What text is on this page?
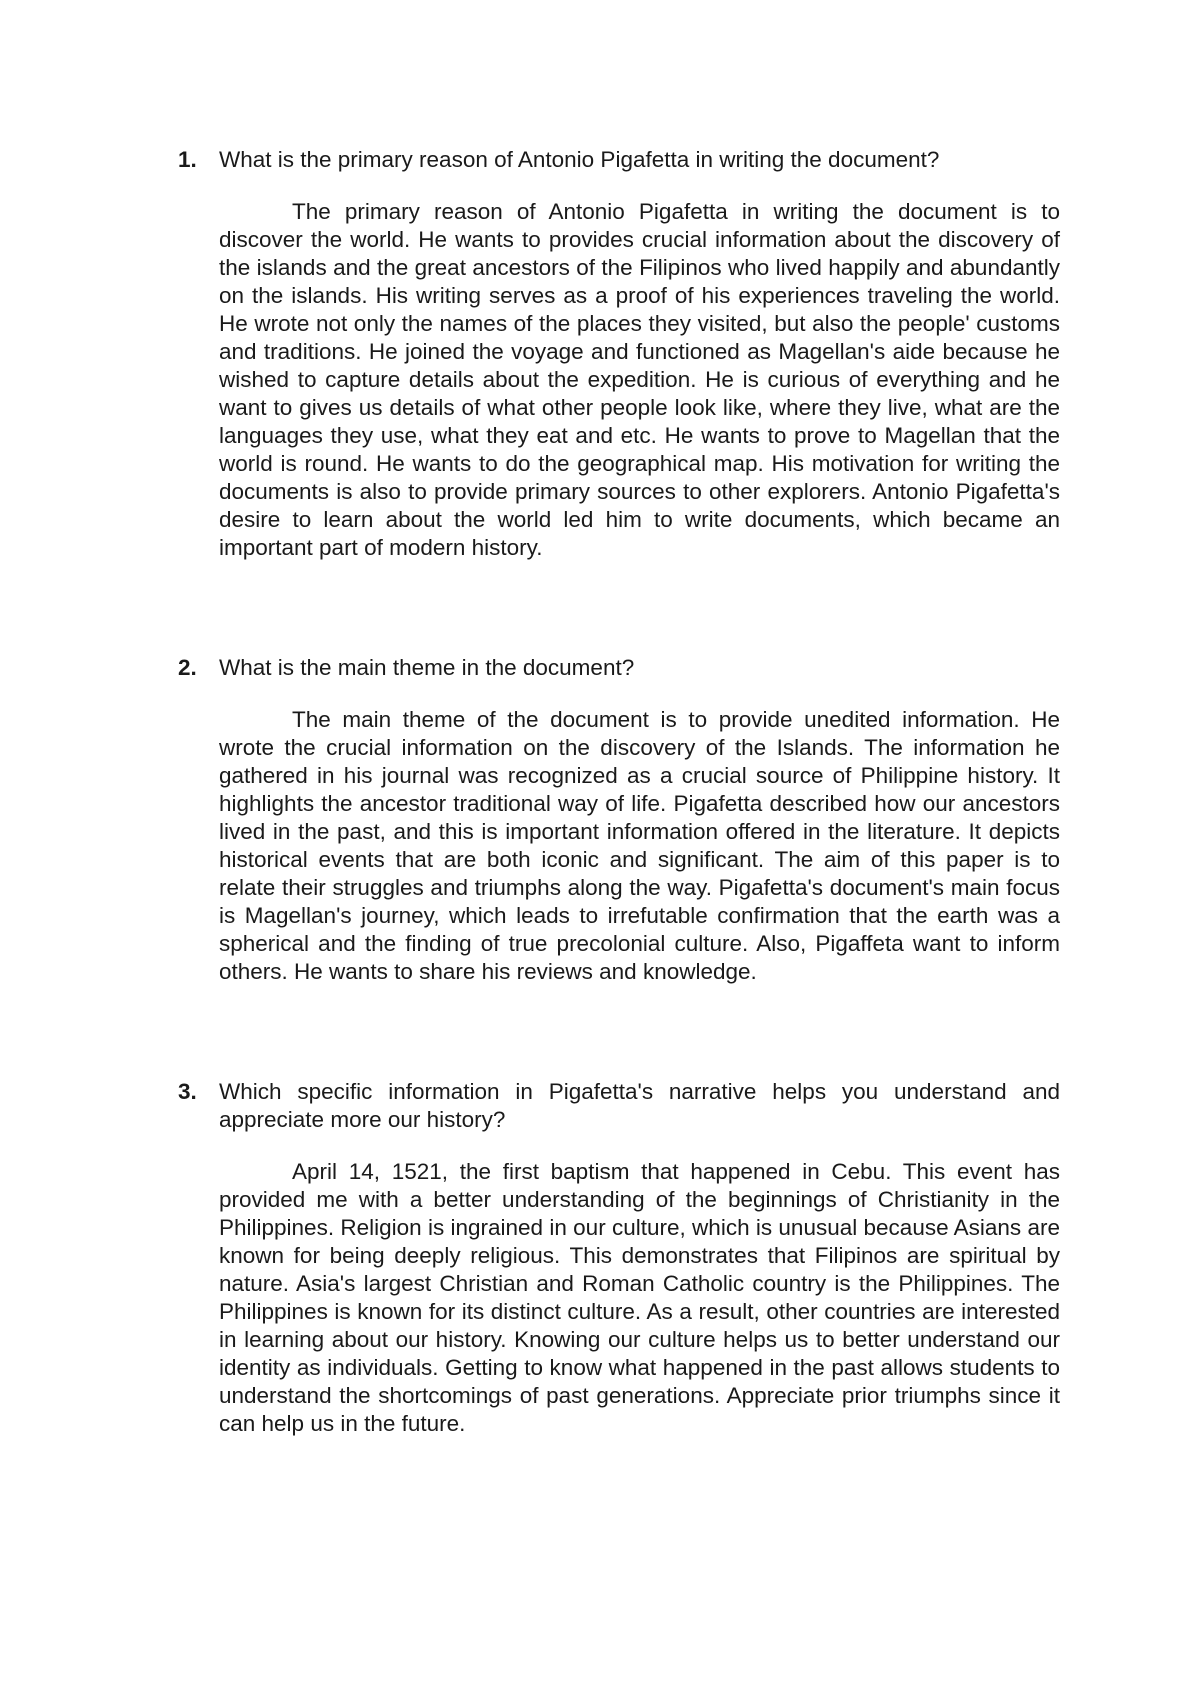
1. What is the primary reason of Antonio Pigafetta in writing the document?

The primary reason of Antonio Pigafetta in writing the document is to discover the world. He wants to provides crucial information about the discovery of the islands and the great ancestors of the Filipinos who lived happily and abundantly on the islands. His writing serves as a proof of his experiences traveling the world. He wrote not only the names of the places they visited, but also the people' customs and traditions. He joined the voyage and functioned as Magellan's aide because he wished to capture details about the expedition. He is curious of everything and he want to gives us details of what other people look like, where they live, what are the languages they use, what they eat and etc. He wants to prove to Magellan that the world is round. He wants to do the geographical map. His motivation for writing the documents is also to provide primary sources to other explorers. Antonio Pigafetta's desire to learn about the world led him to write documents, which became an important part of modern history.

2. What is the main theme in the document?

The main theme of the document is to provide unedited information. He wrote the crucial information on the discovery of the Islands. The information he gathered in his journal was recognized as a crucial source of Philippine history. It highlights the ancestor traditional way of life. Pigafetta described how our ancestors lived in the past, and this is important information offered in the literature. It depicts historical events that are both iconic and significant. The aim of this paper is to relate their struggles and triumphs along the way. Pigafetta's document's main focus is Magellan's journey, which leads to irrefutable confirmation that the earth was a spherical and the finding of true precolonial culture. Also, Pigaffeta want to inform others. He wants to share his reviews and knowledge.

3. Which specific information in Pigafetta's narrative helps you understand and appreciate more our history?

April 14, 1521, the first baptism that happened in Cebu. This event has provided me with a better understanding of the beginnings of Christianity in the Philippines. Religion is ingrained in our culture, which is unusual because Asians are known for being deeply religious. This demonstrates that Filipinos are spiritual by nature. Asia's largest Christian and Roman Catholic country is the Philippines. The Philippines is known for its distinct culture. As a result, other countries are interested in learning about our history. Knowing our culture helps us to better understand our identity as individuals. Getting to know what happened in the past allows students to understand the shortcomings of past generations. Appreciate prior triumphs since it can help us in the future.
